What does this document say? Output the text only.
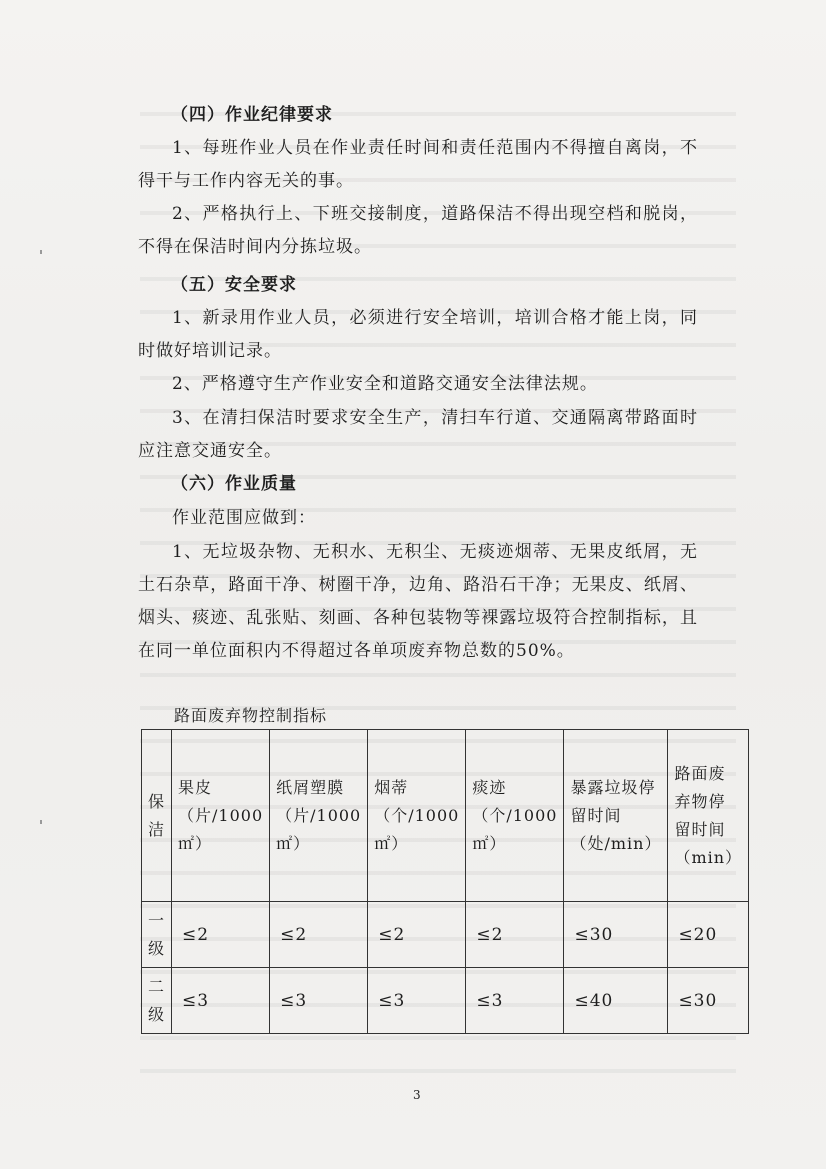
（四）作业纪律要求
1、每班作业人员在作业责任时间和责任范围内不得擅自离岗，不得干与工作内容无关的事。
2、严格执行上、下班交接制度，道路保洁不得出现空档和脱岗，不得在保洁时间内分拣垃圾。
（五）安全要求
1、新录用作业人员，必须进行安全培训，培训合格才能上岗，同时做好培训记录。
2、严格遵守生产作业安全和道路交通安全法律法规。
3、在清扫保洁时要求安全生产，清扫车行道、交通隔离带路面时应注意交通安全。
（六）作业质量
作业范围应做到：
1、无垃圾杂物、无积水、无积尘、无痰迹烟蒂、无果皮纸屑，无土石杂草，路面干净、树圈干净，边角、路沿石干净；无果皮、纸屑、烟头、痰迹、乱张贴、刻画、各种包装物等裸露垃圾符合控制指标，且在同一单位面积内不得超过各单项废弃物总数的50%。
路面废弃物控制指标
保洁	果皮（片/1000㎡）	纸屑塑膜（片/1000㎡）	烟蒂（个/1000㎡）	痰迹（个/1000㎡）	暴露垃圾停留时间（处/min）	路面废弃物停留时间（min）
一级	≤2	≤2	≤2	≤2	≤30	≤20
二级	≤3	≤3	≤3	≤3	≤40	≤30
3
